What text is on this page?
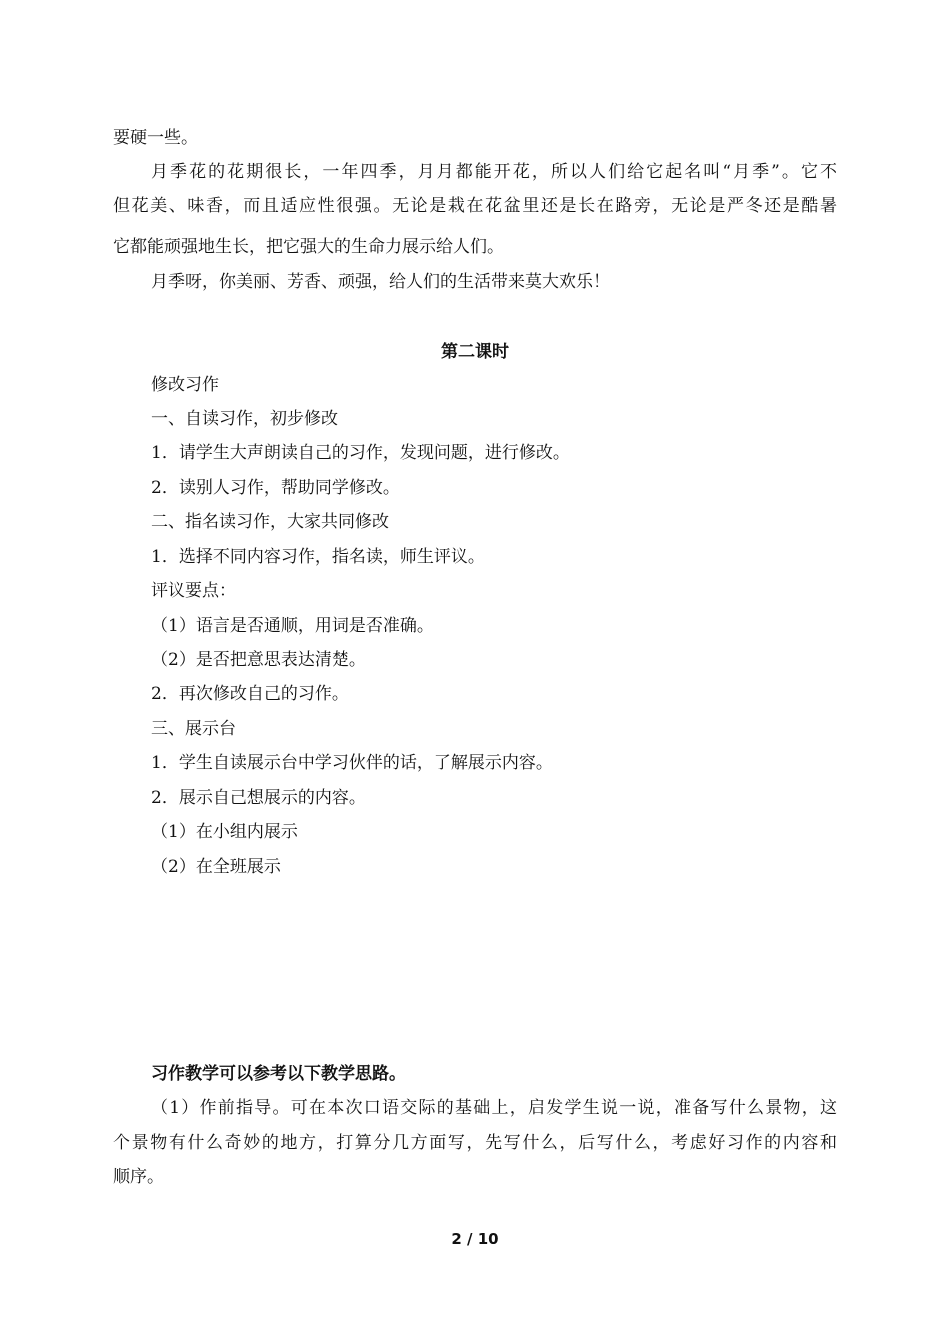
要硬一些。
月季花的花期很长，一年四季，月月都能开花，所以人们给它起名叫“月季”。它不
但花美、味香，而且适应性很强。无论是栽在花盆里还是长在路旁，无论是严冬还是酷暑
它都能顽强地生长，把它强大的生命力展示给人们。
月季呀，你美丽、芳香、顽强，给人们的生活带来莫大欢乐！
第二课时
修改习作
一、自读习作，初步修改
1．请学生大声朗读自己的习作，发现问题，进行修改。
2．读别人习作，帮助同学修改。
二、指名读习作，大家共同修改
1．选择不同内容习作，指名读，师生评议。
评议要点：
（1）语言是否通顺，用词是否准确。
（2）是否把意思表达清楚。
2．再次修改自己的习作。
三、展示台
1．学生自读展示台中学习伙伴的话，了解展示内容。
2．展示自己想展示的内容。
（1）在小组内展示
（2）在全班展示
习作教学可以参考以下教学思路。
（1）作前指导。可在本次口语交际的基础上，启发学生说一说，准备写什么景物，这
个景物有什么奇妙的地方，打算分几方面写，先写什么，后写什么，考虑好习作的内容和
顺序。
2 / 10
